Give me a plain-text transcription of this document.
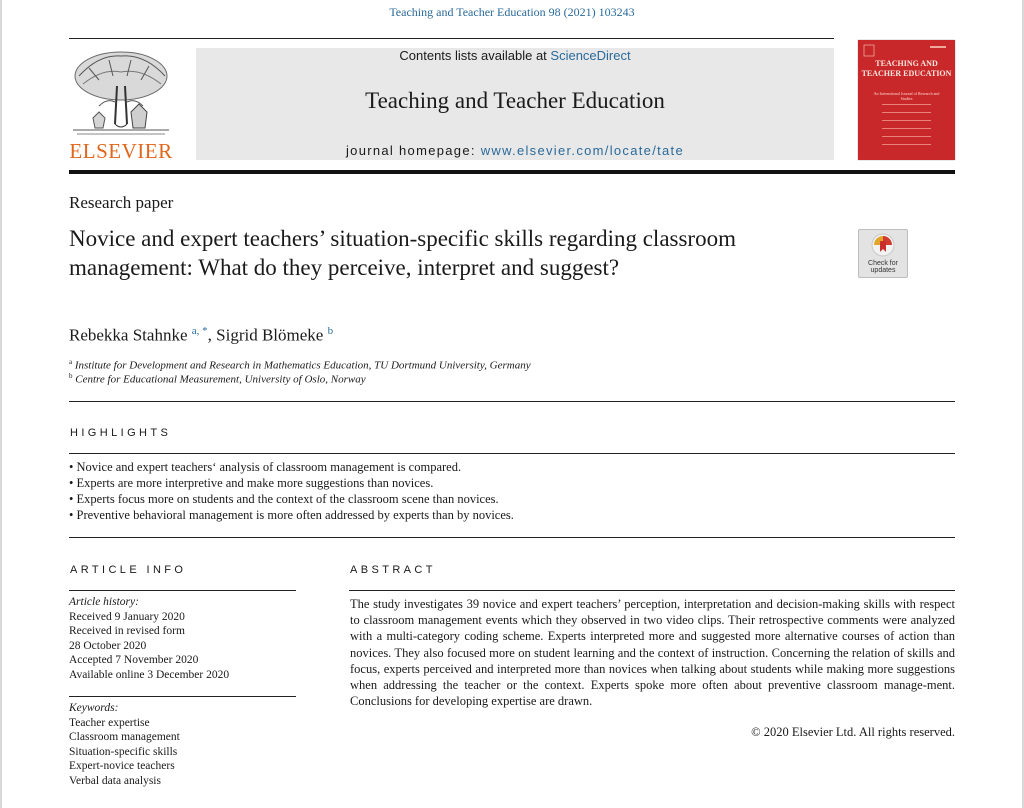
Teaching and Teacher Education 98 (2021) 103243
ELSEVIER
Contents lists available at ScienceDirect
Teaching and Teacher Education
journal homepage: www.elsevier.com/locate/tate
TEACHING AND TEACHER EDUCATION
An International Journal of Research and Studies
Research paper
Novice and expert teachers’ situation-specific skills regarding classroom management: What do they perceive, interpret and suggest?	Check for
updates
Rebekka Stahnke $^{a, *}$, Sigrid Blömeke $^b$
$^a$ Institute for Development and Research in Mathematics Education, TU Dortmund University, Germany
$^b$ Centre for Educational Measurement, University of Oslo, Norway
HIGHLIGHTS
• Novice and expert teachers‘ analysis of classroom management is compared.
• Experts are more interpretive and make more suggestions than novices.
• Experts focus more on students and the context of the classroom scene than novices.
• Preventive behavioral management is more often addressed by experts than by novices.
ARTICLE INFO
Article history:
Received 9 January 2020
Received in revised form
28 October 2020
Accepted 7 November 2020
Available online 3 December 2020
Keywords:
Teacher expertise
Classroom management
Situation-specific skills
Expert-novice teachers
Verbal data analysis
ABSTRACT
The study investigates 39 novice and expert teachers’ perception, interpretation and decision-making skills with respect to classroom management events which they observed in two video clips. Their retrospective comments were analyzed with a multi-category coding scheme. Experts interpreted more and suggested more alternative courses of action than novices. They also focused more on student learning and the context of instruction. Concerning the relation of skills and focus, experts perceived and interpreted more than novices when talking about students while making more suggestions when addressing the teacher or the context. Experts spoke more often about preventive classroom manage-ment. Conclusions for developing expertise are drawn.
© 2020 Elsevier Ltd. All rights reserved.
